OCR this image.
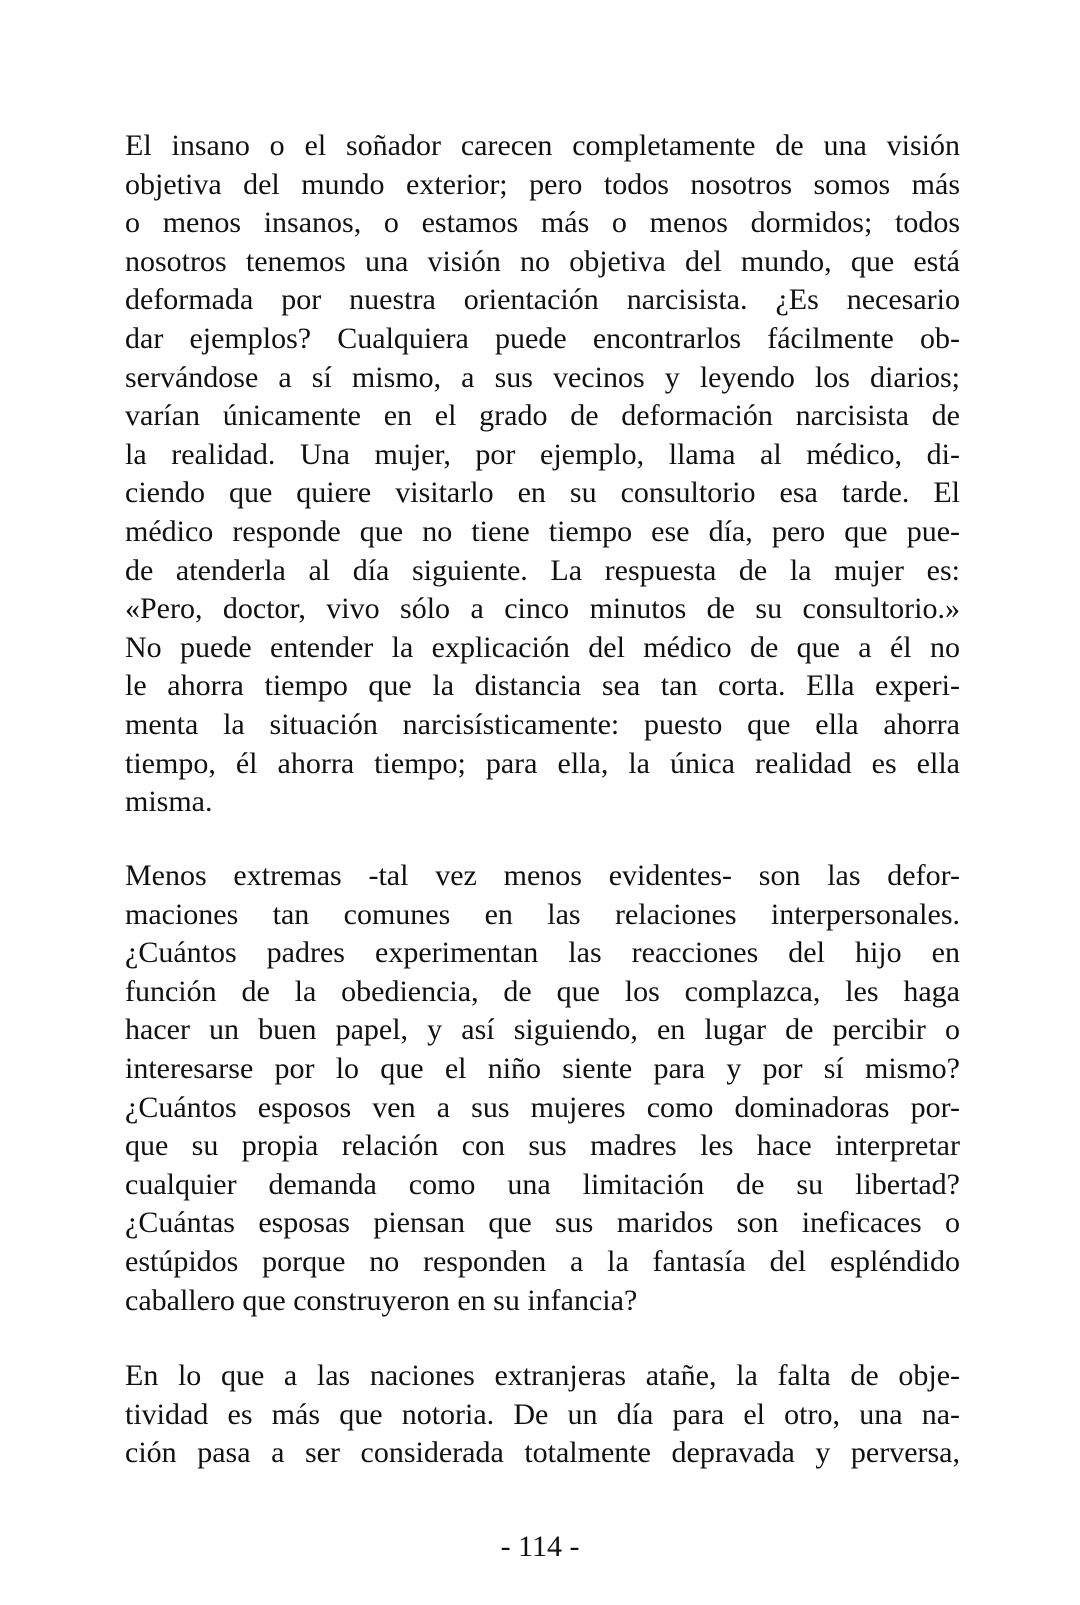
El insano o el soñador carecen completamente de una visión
objetiva del mundo exterior; pero todos nosotros somos más
o menos insanos, o estamos más o menos dormidos; todos
nosotros tenemos una visión no objetiva del mundo, que está
deformada por nuestra orientación narcisista. ¿Es necesario
dar ejemplos? Cualquiera puede encontrarlos fácilmente ob-
servándose a sí mismo, a sus vecinos y leyendo los diarios;
varían únicamente en el grado de deformación narcisista de
la realidad. Una mujer, por ejemplo, llama al médico, di-
ciendo que quiere visitarlo en su consultorio esa tarde. El
médico responde que no tiene tiempo ese día, pero que pue-
de atenderla al día siguiente. La respuesta de la mujer es:
«Pero, doctor, vivo sólo a cinco minutos de su consultorio.»
No puede entender la explicación del médico de que a él no
le ahorra tiempo que la distancia sea tan corta. Ella experi-
menta la situación narcisísticamente: puesto que ella ahorra
tiempo, él ahorra tiempo; para ella, la única realidad es ella
misma.
Menos extremas -tal vez menos evidentes- son las defor-
maciones tan comunes en las relaciones interpersonales.
¿Cuántos padres experimentan las reacciones del hijo en
función de la obediencia, de que los complazca, les haga
hacer un buen papel, y así siguiendo, en lugar de percibir o
interesarse por lo que el niño siente para y por sí mismo?
¿Cuántos esposos ven a sus mujeres como dominadoras por-
que su propia relación con sus madres les hace interpretar
cualquier demanda como una limitación de su libertad?
¿Cuántas esposas piensan que sus maridos son ineficaces o
estúpidos porque no responden a la fantasía del espléndido
caballero que construyeron en su infancia?
En lo que a las naciones extranjeras atañe, la falta de obje-
tividad es más que notoria. De un día para el otro, una na-
ción pasa a ser considerada totalmente depravada y perversa,
- 114 -
